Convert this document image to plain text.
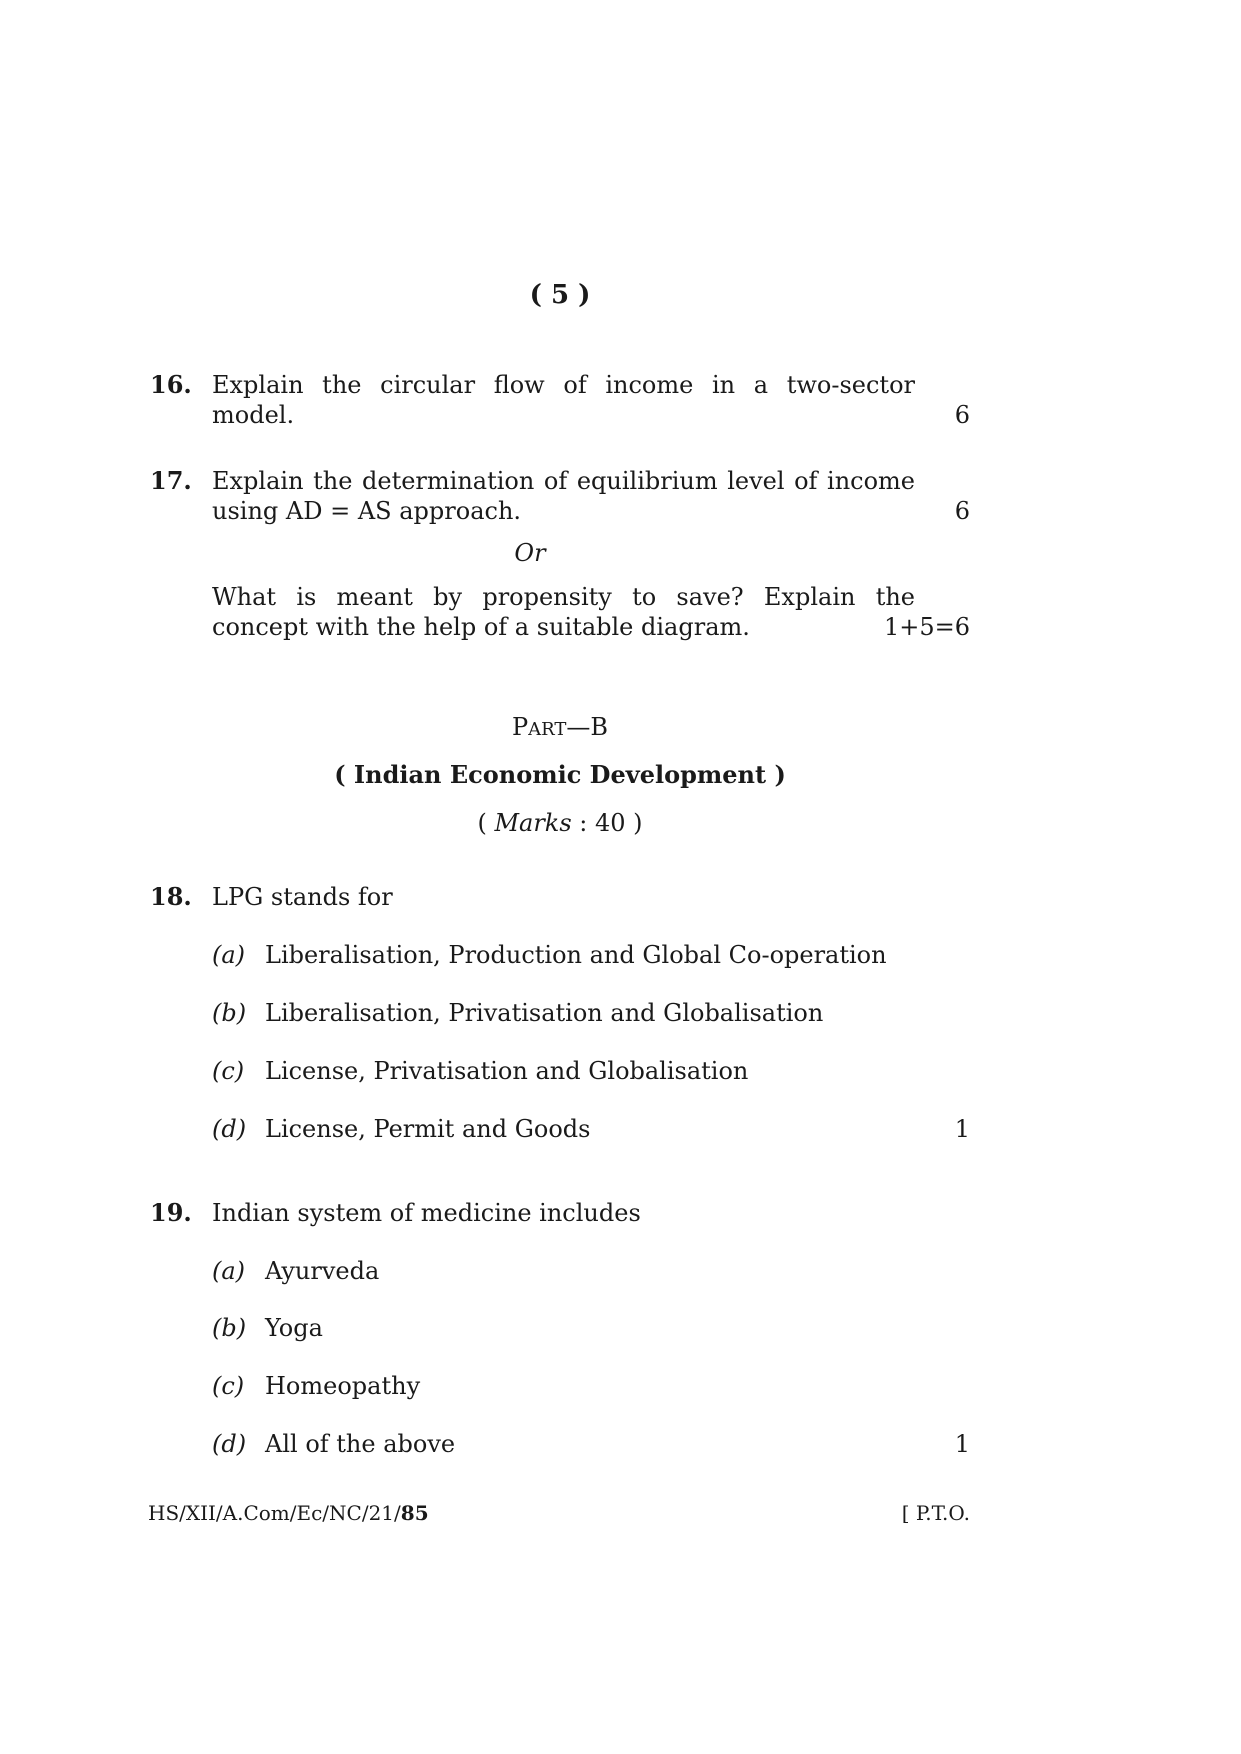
( 5 )
16. Explain the circular flow of income in a two-sector
model.	6
17. Explain the determination of equilibrium level of income
using AD = AS approach.	6
Or
What is meant by propensity to save? Explain the
concept with the help of a suitable diagram.	1+5=6
PART—B
( Indian Economic Development )
( Marks : 40 )
18. LPG stands for
(a) Liberalisation, Production and Global Co-operation
(b) Liberalisation, Privatisation and Globalisation
(c) License, Privatisation and Globalisation
(d) License, Permit and Goods	1
19. Indian system of medicine includes
(a) Ayurveda
(b) Yoga
(c) Homeopathy
(d) All of the above	1
HS/XII/A.Com/Ec/NC/21/85	[ P.T.O.
